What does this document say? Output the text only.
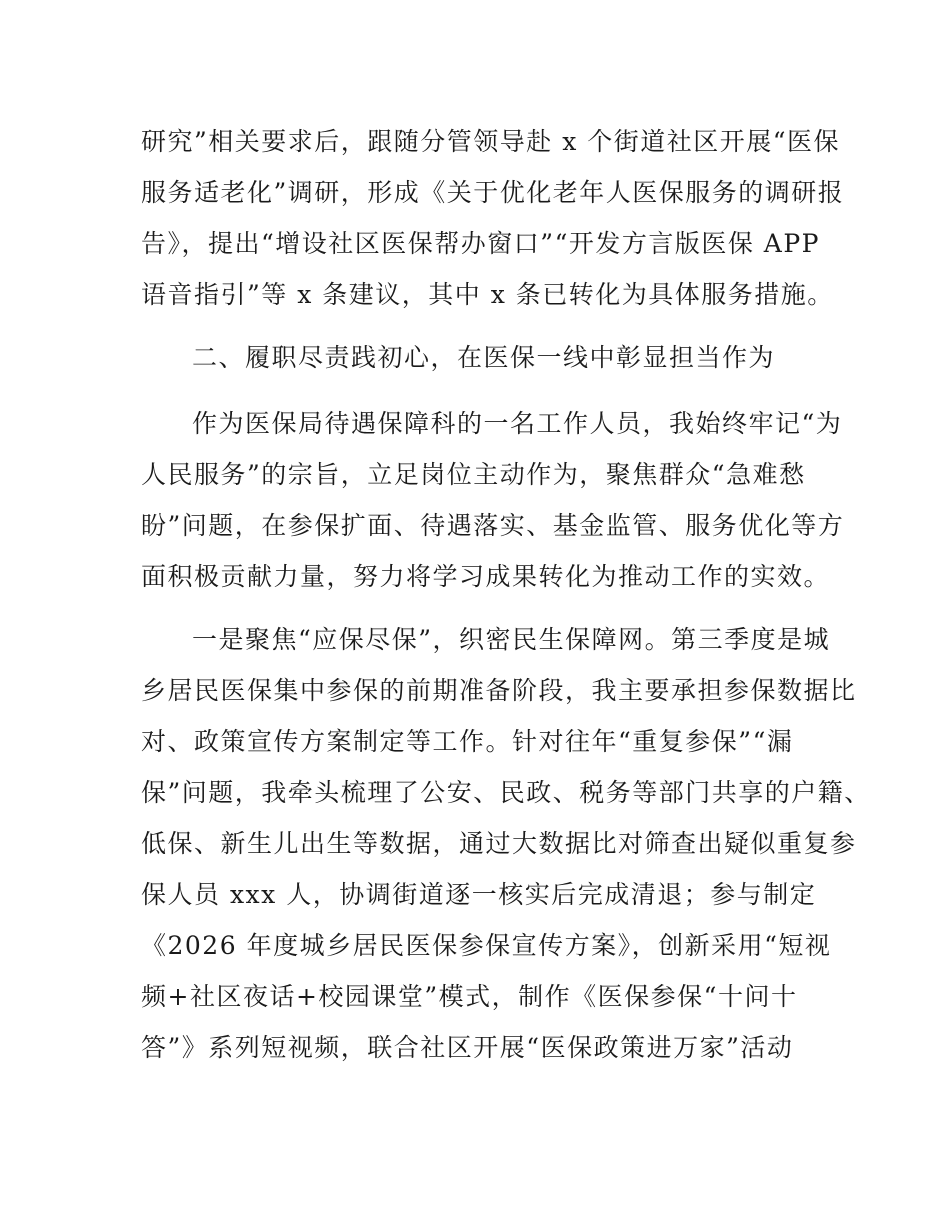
研究”相关要求后，跟随分管领导赴 x 个街道社区开展“医保
服务适老化”调研，形成《关于优化老年人医保服务的调研报
告》，提出“增设社区医保帮办窗口”“开发方言版医保 APP
语音指引”等 x 条建议，其中 x 条已转化为具体服务措施。
二、履职尽责践初心，在医保一线中彰显担当作为
作为医保局待遇保障科的一名工作人员，我始终牢记“为
人民服务”的宗旨，立足岗位主动作为，聚焦群众“急难愁
盼”问题，在参保扩面、待遇落实、基金监管、服务优化等方
面积极贡献力量，努力将学习成果转化为推动工作的实效。
一是聚焦“应保尽保”，织密民生保障网。第三季度是城
乡居民医保集中参保的前期准备阶段，我主要承担参保数据比
对、政策宣传方案制定等工作。针对往年“重复参保”“漏
保”问题，我牵头梳理了公安、民政、税务等部门共享的户籍、
低保、新生儿出生等数据，通过大数据比对筛查出疑似重复参
保人员 xxx 人，协调街道逐一核实后完成清退；参与制定
《2026 年度城乡居民医保参保宣传方案》，创新采用“短视
频+社区夜话+校园课堂”模式，制作《医保参保“十问十
答”》系列短视频，联合社区开展“医保政策进万家”活动
